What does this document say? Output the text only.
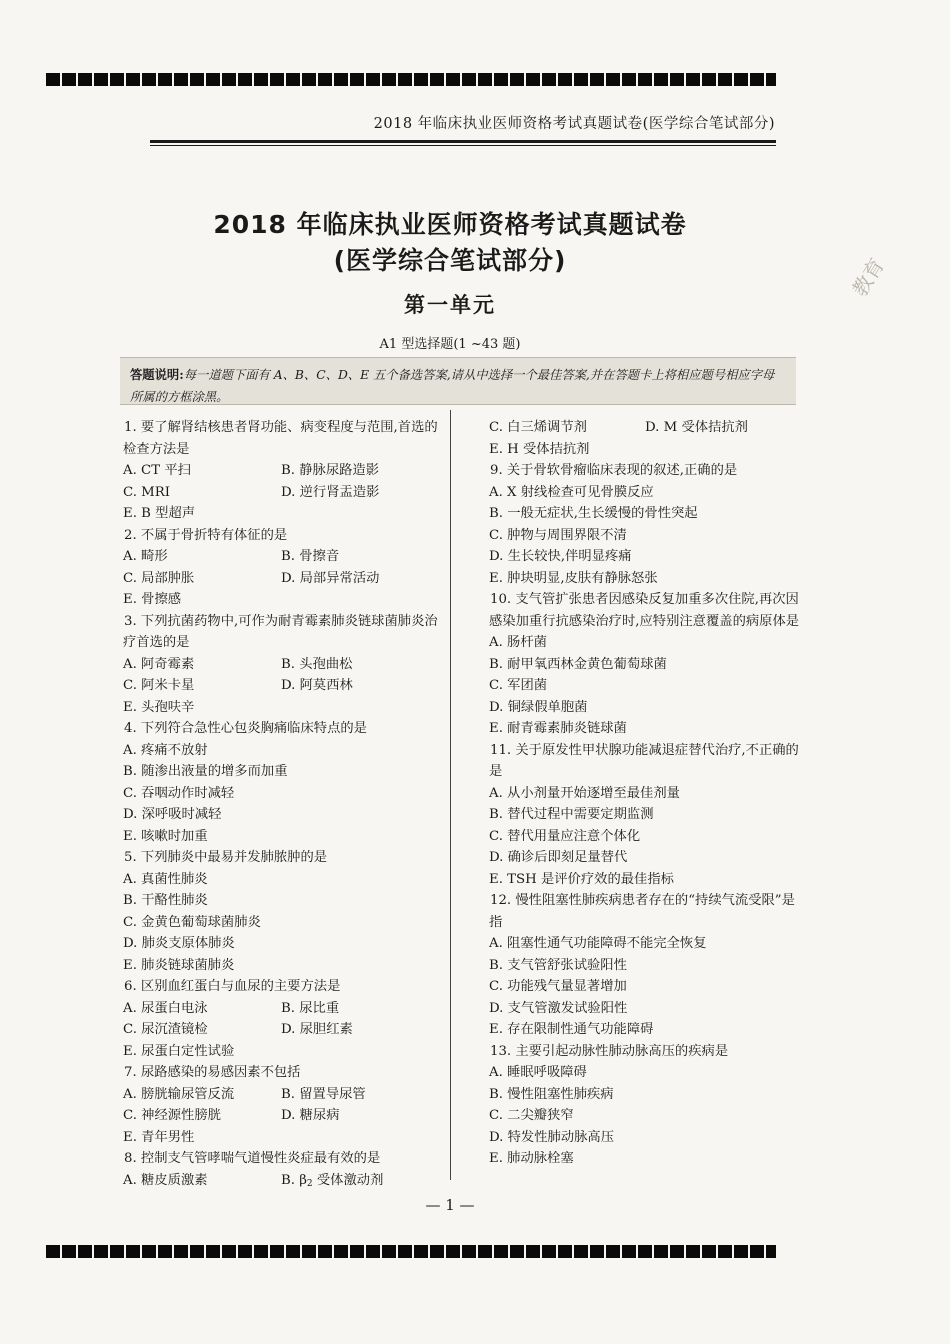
2018 年临床执业医师资格考试真题试卷(医学综合笔试部分)
教育
2018 年临床执业医师资格考试真题试卷
(医学综合笔试部分)
第一单元
A1 型选择题(1 ~43 题)
答题说明:每一道题下面有 A、B、C、D、E 五个备选答案,请从中选择一个最佳答案,并在答题卡上将相应题号相应字母所属的方框涂黑。
1. 要了解肾结核患者肾功能、病变程度与范围,首选的检查方法是
A. CT 平扫	B. 静脉尿路造影
C. MRI	D. 逆行肾盂造影
E. B 型超声
2. 不属于骨折特有体征的是
A. 畸形	B. 骨擦音
C. 局部肿胀	D. 局部异常活动
E. 骨擦感
3. 下列抗菌药物中,可作为耐青霉素肺炎链球菌肺炎治疗首选的是
A. 阿奇霉素	B. 头孢曲松
C. 阿米卡星	D. 阿莫西林
E. 头孢呋辛
4. 下列符合急性心包炎胸痛临床特点的是
A. 疼痛不放射
B. 随渗出液量的增多而加重
C. 吞咽动作时减轻
D. 深呼吸时减轻
E. 咳嗽时加重
5. 下列肺炎中最易并发肺脓肿的是
A. 真菌性肺炎
B. 干酪性肺炎
C. 金黄色葡萄球菌肺炎
D. 肺炎支原体肺炎
E. 肺炎链球菌肺炎
6. 区别血红蛋白与血尿的主要方法是
A. 尿蛋白电泳	B. 尿比重
C. 尿沉渣镜检	D. 尿胆红素
E. 尿蛋白定性试验
7. 尿路感染的易感因素不包括
A. 膀胱输尿管反流	B. 留置导尿管
C. 神经源性膀胱	D. 糖尿病
E. 青年男性
8. 控制支气管哮喘气道慢性炎症最有效的是
A. 糖皮质激素	B. $\beta_2$ 受体激动剂
C. 白三烯调节剂	D. M 受体拮抗剂
E. H 受体拮抗剂
9. 关于骨软骨瘤临床表现的叙述,正确的是
A. X 射线检查可见骨膜反应
B. 一般无症状,生长缓慢的骨性突起
C. 肿物与周围界限不清
D. 生长较快,伴明显疼痛
E. 肿块明显,皮肤有静脉怒张
10. 支气管扩张患者因感染反复加重多次住院,再次因感染加重行抗感染治疗时,应特别注意覆盖的病原体是
A. 肠杆菌
B. 耐甲氧西林金黄色葡萄球菌
C. 军团菌
D. 铜绿假单胞菌
E. 耐青霉素肺炎链球菌
11. 关于原发性甲状腺功能减退症替代治疗,不正确的是
A. 从小剂量开始逐增至最佳剂量
B. 替代过程中需要定期监测
C. 替代用量应注意个体化
D. 确诊后即刻足量替代
E. TSH 是评价疗效的最佳指标
12. 慢性阻塞性肺疾病患者存在的“持续气流受限”是指
A. 阻塞性通气功能障碍不能完全恢复
B. 支气管舒张试验阳性
C. 功能残气量显著增加
D. 支气管激发试验阳性
E. 存在限制性通气功能障碍
13. 主要引起动脉性肺动脉高压的疾病是
A. 睡眠呼吸障碍
B. 慢性阻塞性肺疾病
C. 二尖瓣狭窄
D. 特发性肺动脉高压
E. 肺动脉栓塞
— 1 —
